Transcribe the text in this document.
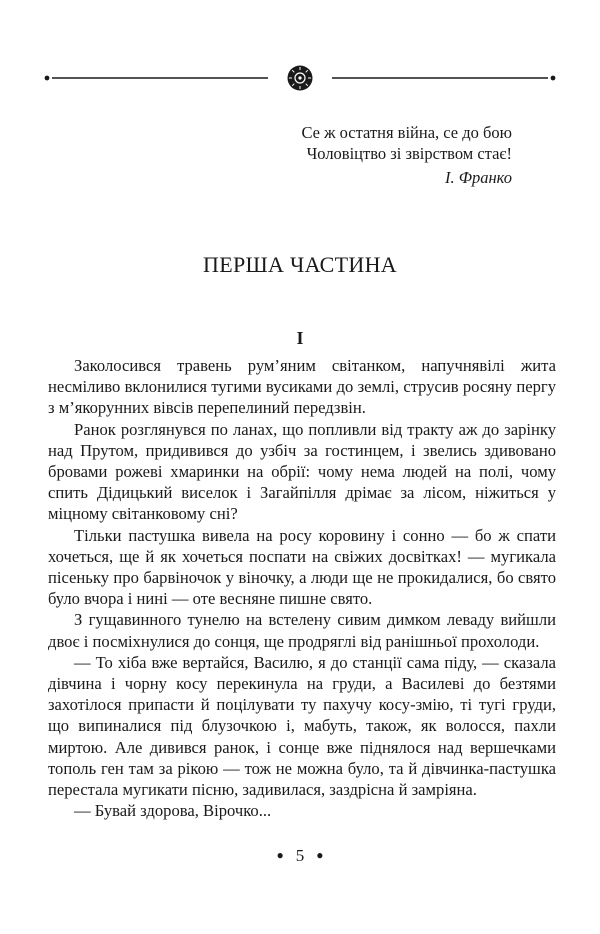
Се ж остатня війна, се до бою
Чоловіцтво зі звірством стає!
І. Франко
ПЕРША ЧАСТИНА
I

Заколосився травень рум’яним світанком, напучнявілі жита несміливо вклонилися тугими вусиками до землі, струсив росяну пергу з м’якорунних вівсів перепелиний передзвін.

Ранок розглянувся по ланах, що попливли від тракту аж до зарінку над Прутом, придивився до узбіч за гостинцем, і звелись здивовано бровами рожеві хмаринки на обрії: чому нема людей на полі, чому спить Дідицький виселок і Загайпілля дрімає за лісом, ніжиться у міцному світанковому сні?

Тільки пастушка вивела на росу коровину і сонно — бо ж спати хочеться, ще й як хочеться поспати на свіжих досвітках! — мугикала пісеньку про барвіночок у віночку, а люди ще не прокидалися, бо свято було вчора і нині — оте весняне пишне свято.

З гущавинного тунелю на встелену сивим димком леваду вийшли двоє і посміхнулися до сонця, ще продряглі від ранішньої прохолоди.

— То хіба вже вертайся, Василю, я до станції сама піду, — сказала дівчина і чорну косу перекинула на груди, а Василеві до безтями захотілося припасти й поцілувати ту пахучу косу-змію, ті тугі груди, що випиналися під блузочкою і, мабуть, також, як волосся, пахли миртою. Але дивився ранок, і сонце вже піднялося над вершечками тополь ген там за рікою — тож не можна було, та й дівчинка-пастушка перестала мугикати пісню, задивилася, заздрісна й замріяна.

— Бувай здорова, Вірочко...

● 5 ●
